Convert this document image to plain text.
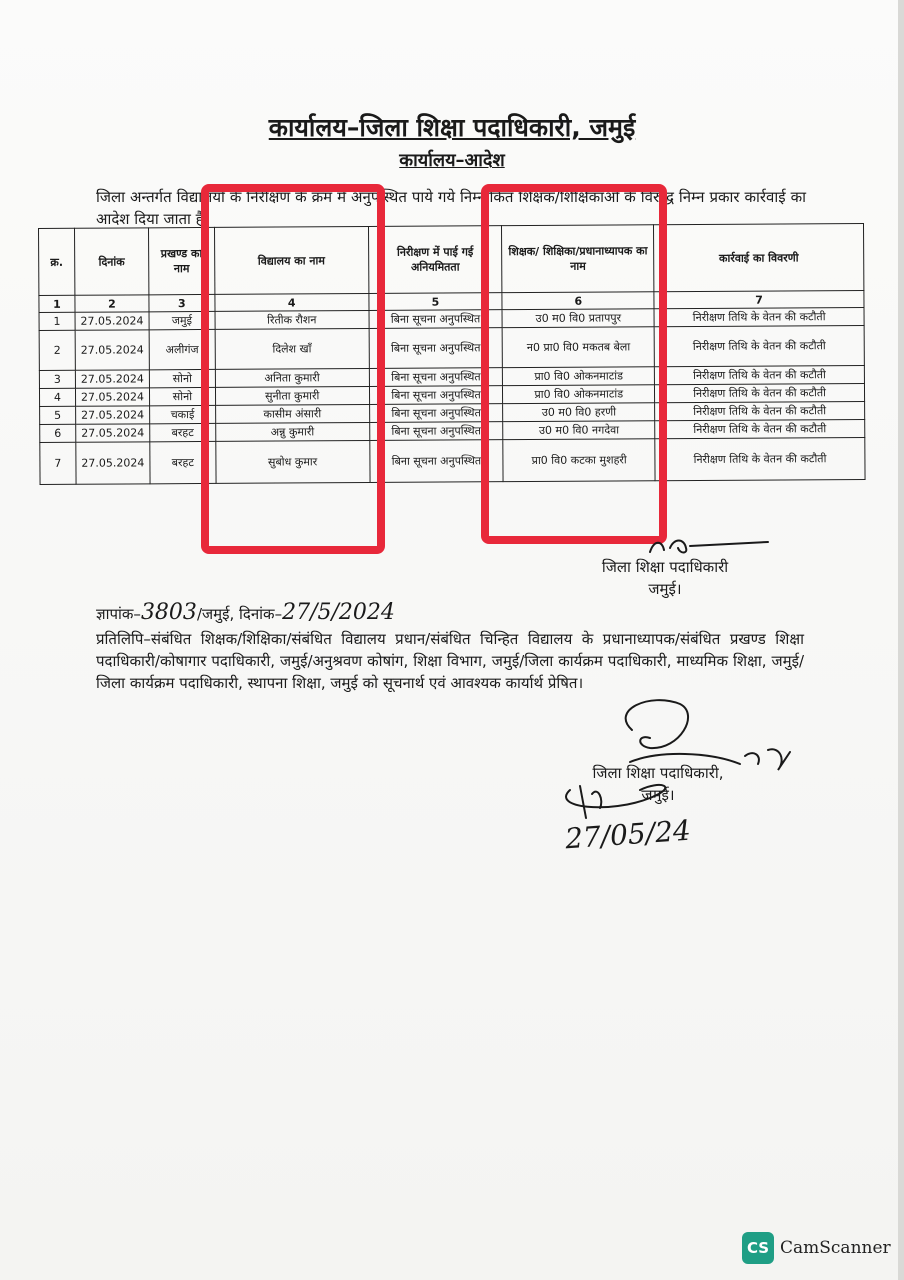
कार्यालय–जिला शिक्षा पदाधिकारी, जमुई
कार्यालय–आदेश
जिला अन्तर्गत विद्यालयों के निरीक्षण के क्रम में अनुपस्थित पाये गये निम्नांकित शिक्षक/शिक्षिकाओं के विरुद्ध निम्न प्रकार कार्रवाई का आदेश दिया जाता है।
क्र.	दिनांक	प्रखण्ड का नाम	विद्यालय का नाम	निरीक्षण में पाई गई अनियमितता	शिक्षक/ शिक्षिका/प्रधानाध्यापक का नाम	कार्रवाई का विवरणी
1	2	3	4	5	6	7
1	27.05.2024	जमुई	रितीक रौशन	बिना सूचना अनुपस्थित	उ0 म0 वि0 प्रतापपुर	निरीक्षण तिथि के वेतन की कटौती
2	27.05.2024	अलीगंज	दिलेश खाँ	बिना सूचना अनुपस्थित	न0 प्रा0 वि0 मकतब बेला	निरीक्षण तिथि के वेतन की कटौती
3	27.05.2024	सोनो	अनिता कुमारी	बिना सूचना अनुपस्थित	प्रा0 वि0 ओकनमाटांड	निरीक्षण तिथि के वेतन की कटौती
4	27.05.2024	सोनो	सुनीता कुमारी	बिना सूचना अनुपस्थित	प्रा0 वि0 ओकनमाटांड	निरीक्षण तिथि के वेतन की कटौती
5	27.05.2024	चकाई	कासीम अंसारी	बिना सूचना अनुपस्थित	उ0 म0 वि0 हरणी	निरीक्षण तिथि के वेतन की कटौती
6	27.05.2024	बरहट	अन्नु कुमारी	बिना सूचना अनुपस्थित	उ0 म0 वि0 नगदेवा	निरीक्षण तिथि के वेतन की कटौती
7	27.05.2024	बरहट	सुबोध कुमार	बिना सूचना अनुपस्थित	प्रा0 वि0 कटका मुशहरी	निरीक्षण तिथि के वेतन की कटौती
जिला शिक्षा पदाधिकारी
जमुई।
ज्ञापांक–3803/जमुई, दिनांक–27/5/2024
प्रतिलिपि–संबंधित शिक्षक/शिक्षिका/संबंधित विद्यालय प्रधान/संबंधित चिन्हित विद्यालय के प्रधानाध्यापक/संबंधित प्रखण्ड शिक्षा पदाधिकारी/कोषागार पदाधिकारी, जमुई/अनुश्रवण कोषांग, शिक्षा विभाग, जमुई/जिला कार्यक्रम पदाधिकारी, माध्यमिक शिक्षा, जमुई/जिला कार्यक्रम पदाधिकारी, स्थापना शिक्षा, जमुई को सूचनार्थ एवं आवश्यक कार्यार्थ प्रेषित।
जिला शिक्षा पदाधिकारी,
जमुई।
27/05/24
CS CamScanner
